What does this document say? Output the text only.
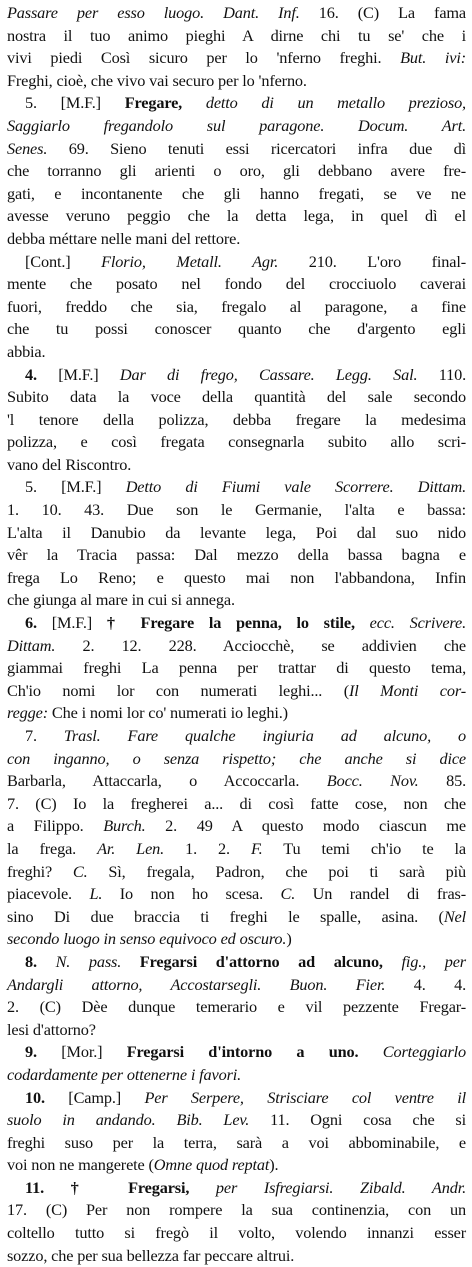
Passare per esso luogo. Dant. Inf. 16. (C) La fama
nostra il tuo animo pieghi A dirne chi tu se' che i
vivi piedi Così sicuro per lo 'nferno freghi. But. ivi:
Freghi, cioè, che vivo vai securo per lo 'nferno.
5. [M.F.] Fregare, detto di un metallo prezioso,
Saggiarlo fregandolo sul paragone. Docum. Art.
Senes. 69. Sieno tenuti essi ricercatori infra due dì
che torranno gli arienti o oro, gli debbano avere fre-
gati, e incontanente che gli hanno fregati, se ve ne
avesse veruno peggio che la detta lega, in quel dì el
debba méttare nelle mani del rettore.
[Cont.] Florio, Metall. Agr. 210. L'oro final-
mente che posato nel fondo del crocciuolo caverai
fuori, freddo che sia, fregalo al paragone, a fine
che tu possi conoscer quanto che d'argento egli
abbia.
4. [M.F.] Dar di frego, Cassare. Legg. Sal. 110.
Subito data la voce della quantità del sale secondo
'l tenore della polizza, debba fregare la medesima
polizza, e così fregata consegnarla subito allo scri-
vano del Riscontro.
5. [M.F.] Detto di Fiumi vale Scorrere. Dittam.
1. 10. 43. Due son le Germanie, l'alta e bassa:
L'alta il Danubio da levante lega, Poi dal suo nido
vêr la Tracia passa: Dal mezzo della bassa bagna e
frega Lo Reno; e questo mai non l'abbandona, Infin
che giunga al mare in cui si annega.
6. [M.F.] † Fregare la penna, lo stile, ecc. Scrivere.
Dittam. 2. 12. 228. Acciocchè, se addivien che
giammai freghi La penna per trattar di questo tema,
Ch'io nomi lor con numerati leghi... (Il Monti cor-
regge: Che i nomi lor co' numerati io leghi.)
7. Trasl. Fare qualche ingiuria ad alcuno, o
con inganno, o senza rispetto; che anche si dice
Barbarla, Attaccarla, o Accoccarla. Bocc. Nov. 85.
7. (C) Io la fregherei a... di così fatte cose, non che
a Filippo. Burch. 2. 49 A questo modo ciascun me
la frega. Ar. Len. 1. 2. F. Tu temi ch'io te la
freghi? C. Sì, fregala, Padron, che poi ti sarà più
piacevole. L. Io non ho scesa. C. Un randel di fras-
sino Di due braccia ti freghi le spalle, asina. (Nel
secondo luogo in senso equivoco ed oscuro.)
8. N. pass. Fregarsi d'attorno ad alcuno, fig., per
Andargli attorno, Accostarsegli. Buon. Fier. 4. 4.
2. (C) Dèe dunque temerario e vil pezzente Fregar-
lesi d'attorno?
9. [Mor.] Fregarsi d'intorno a uno. Corteggiarlo
codardamente per ottenerne i favori.
10. [Camp.] Per Serpere, Strisciare col ventre il
suolo in andando. Bib. Lev. 11. Ogni cosa che si
freghi suso per la terra, sarà a voi abbominabile, e
voi non ne mangerete (Omne quod reptat).
11. † Fregarsi, per Isfregiarsi. Zibald. Andr.
17. (C) Per non rompere la sua continenzia, con un
coltello tutto si fregò il volto, volendo innanzi esser
sozzo, che per sua bellezza far peccare altrui.
